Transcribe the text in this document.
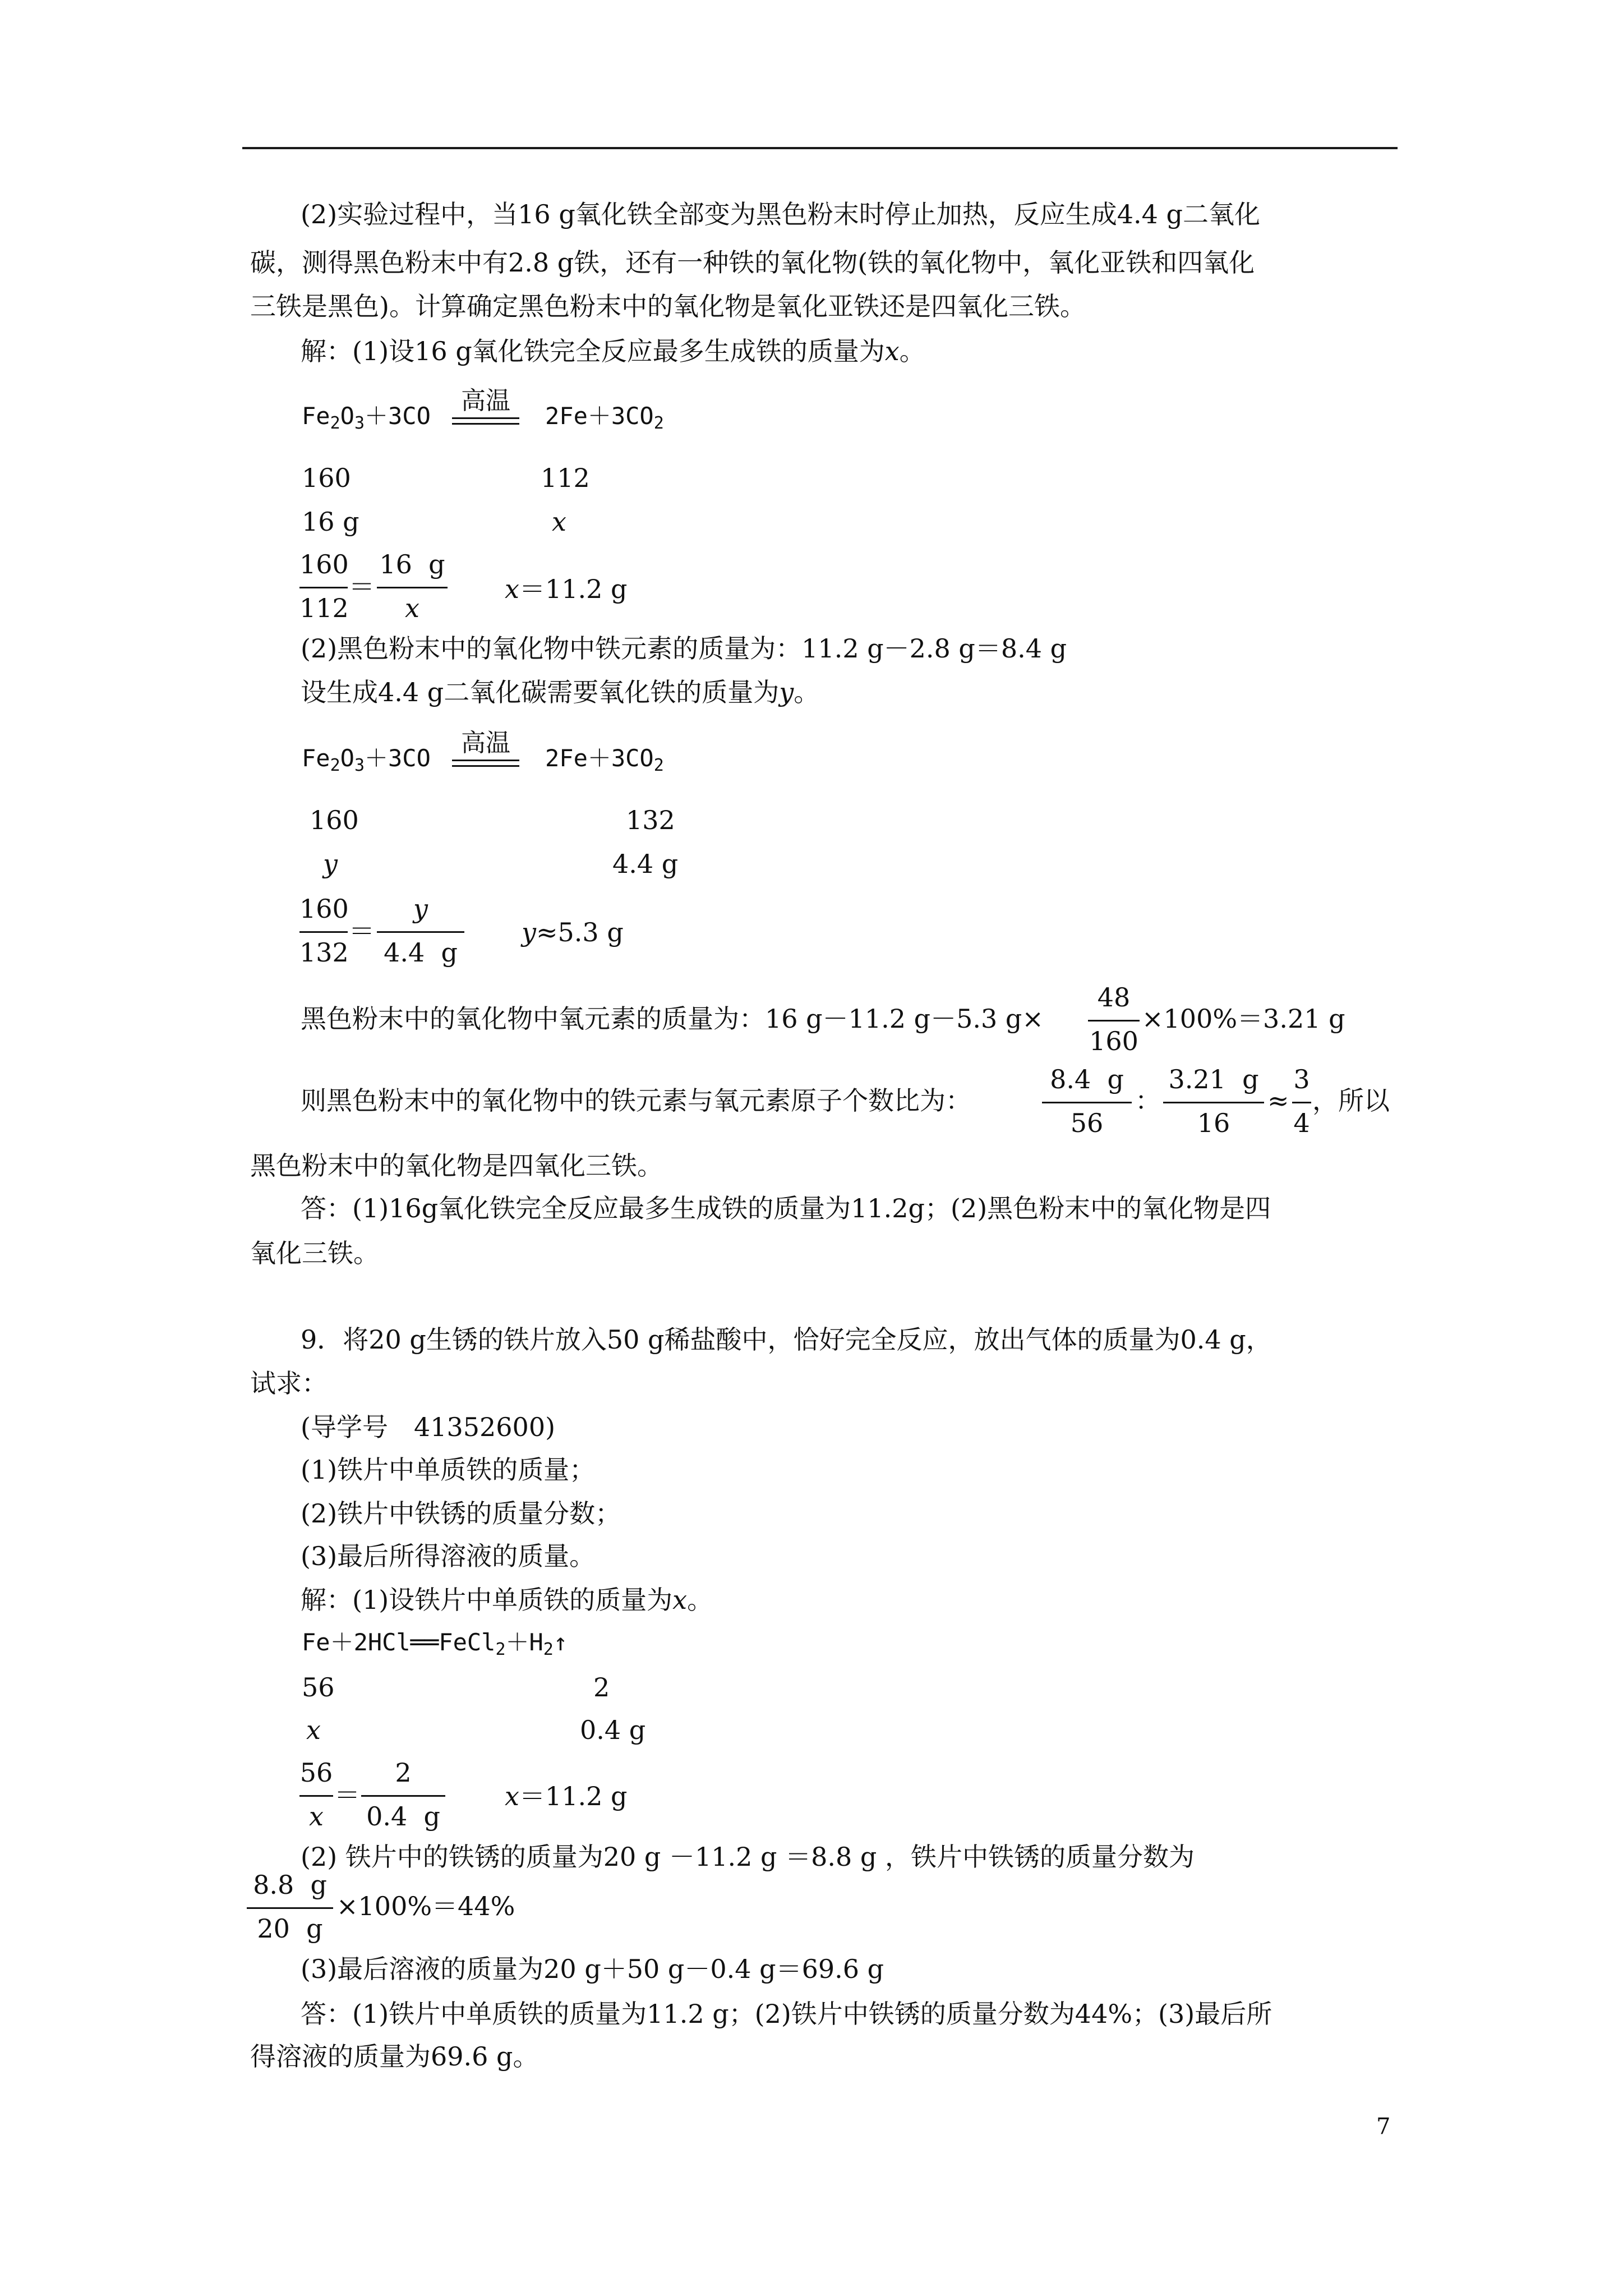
(2)实验过程中，当16 g氧化铁全部变为黑色粉末时停止加热，反应生成4.4 g二氧化
碳，测得黑色粉末中有2.8 g铁，还有一种铁的氧化物(铁的氧化物中，氧化亚铁和四氧化
三铁是黑色)。计算确定黑色粉末中的氧化物是氧化亚铁还是四氧化三铁。
解：(1)设16 g氧化铁完全反应最多生成铁的质量为x。
$Fe_2O_3+3CO$
高温
$2Fe+3CO_2$
160	112
16 g	x
160
112
＝
16  g
x
x＝11.2 g
(2)黑色粉末中的氧化物中铁元素的质量为：11.2 g－2.8 g＝8.4 g
设生成4.4 g二氧化碳需要氧化铁的质量为y。
$Fe_2O_3+3CO$
高温
$2Fe+3CO_2$
160	132
y	4.4 g
160
132
＝
y
4.4  g
y≈5.3 g
黑色粉末中的氧化物中氧元素的质量为：16 g－11.2 g－5.3 g×
48
160
×100%＝3.21 g
则黑色粉末中的氧化物中的铁元素与氧元素原子个数比为：
8.4  g
56
：
3.21  g
16
≈
3
4
，所以
黑色粉末中的氧化物是四氧化三铁。
答：(1)16g氧化铁完全反应最多生成铁的质量为11.2g；(2)黑色粉末中的氧化物是四
氧化三铁。
9．将20 g生锈的铁片放入50 g稀盐酸中，恰好完全反应，放出气体的质量为0.4 g，
试求：
(导学号　41352600)
(1)铁片中单质铁的质量；
(2)铁片中铁锈的质量分数；
(3)最后所得溶液的质量。
解：(1)设铁片中单质铁的质量为x。
$Fe+2HCl══FeCl_2+H_2↑$
56	2
x	0.4 g
56
x
＝
2
0.4  g
x＝11.2 g
(2) 铁片中的铁锈的质量为20 g －11.2 g ＝8.8 g ，铁片中铁锈的质量分数为
8.8  g
20  g
×100%＝44%
(3)最后溶液的质量为20 g＋50 g－0.4 g＝69.6 g
答：(1)铁片中单质铁的质量为11.2 g；(2)铁片中铁锈的质量分数为44%；(3)最后所
得溶液的质量为69.6 g。
7
